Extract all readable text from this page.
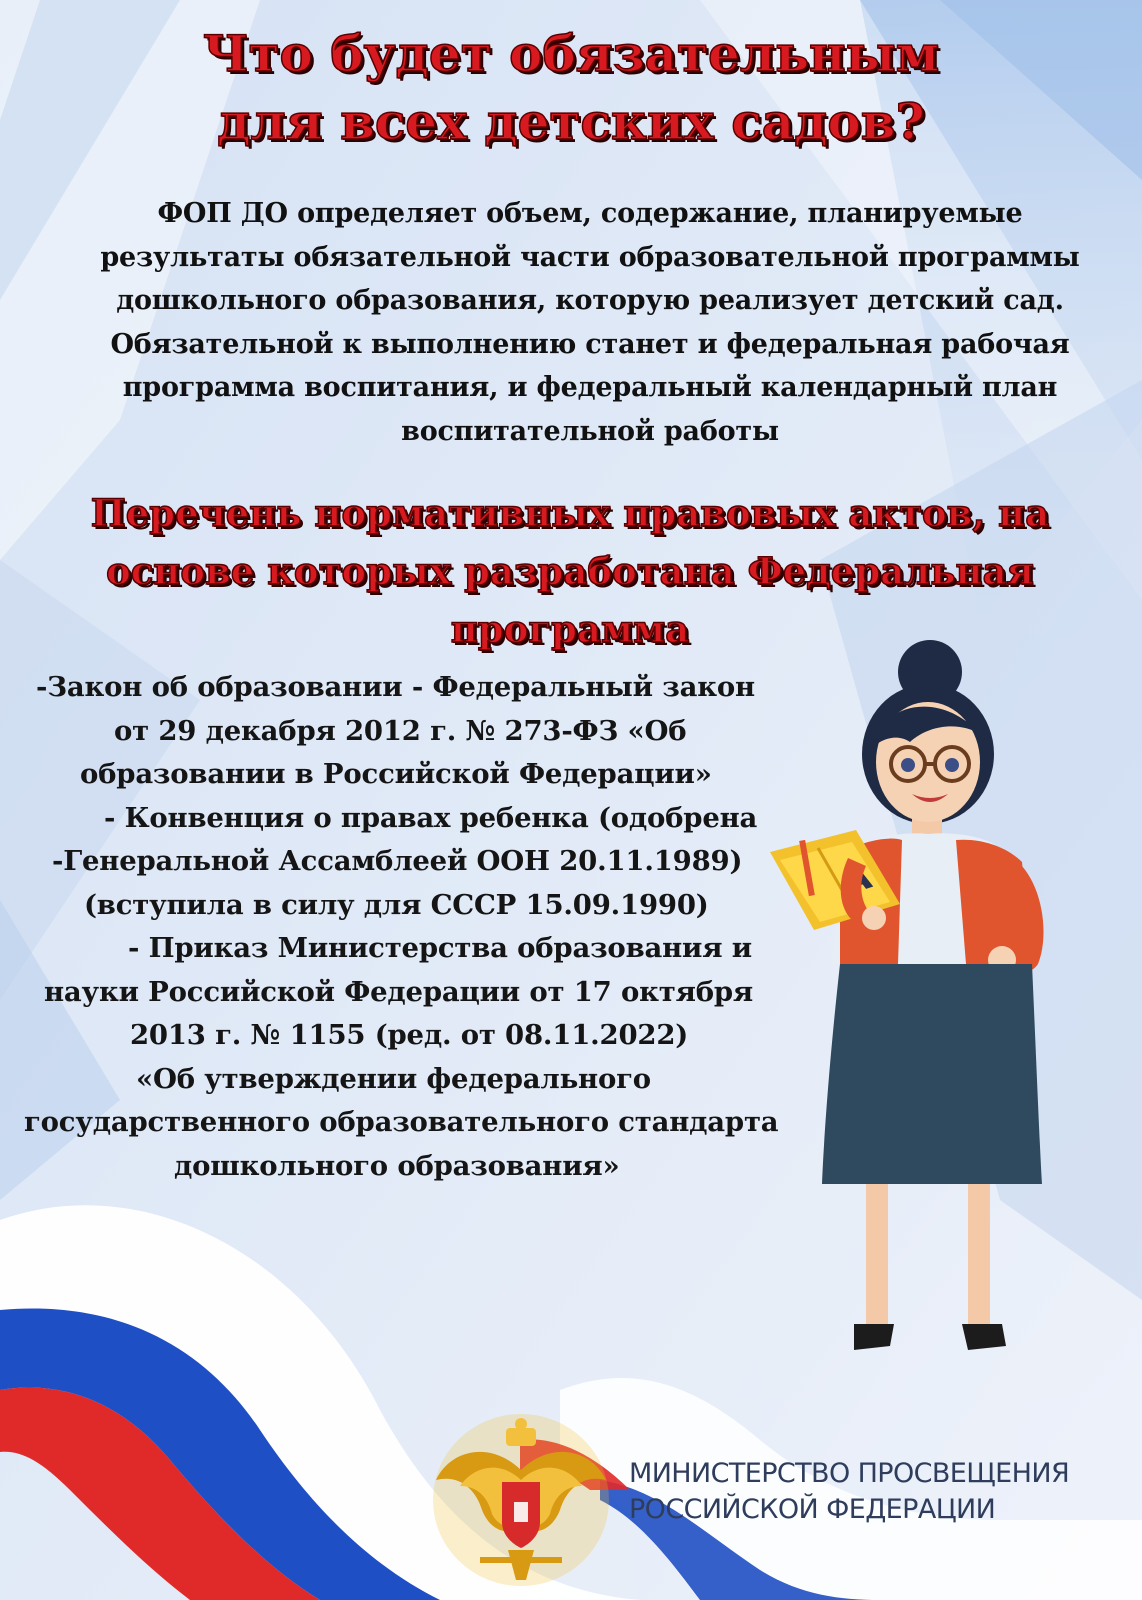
Что будет обязательным
для всех детских садов?
ФОП ДО определяет объем, содержание, планируемые
результаты обязательной части образовательной программы
дошкольного образования, которую реализует детский сад.
Обязательной к выполнению станет и федеральная рабочая
программа воспитания, и федеральный календарный план
воспитательной работы
Перечень нормативных правовых актов, на
основе которых разработана Федеральная
программа
-Закон об образовании - Федеральный закон
от 29 декабря 2012 г. № 273-ФЗ «Об
образовании в Российской Федерации»
- Конвенция о правах ребенка (одобрена
-Генеральной Ассамблеей ООН 20.11.1989)
(вступила в силу для СССР 15.09.1990)
- Приказ Министерства образования и
науки Российской Федерации от 17 октября
2013 г. № 1155 (ред. от 08.11.2022)
«Об утверждении федерального
государственного образовательного стандарта
дошкольного образования»
МИНИСТЕРСТВО ПРОСВЕЩЕНИЯ
РОССИЙСКОЙ ФЕДЕРАЦИИ
